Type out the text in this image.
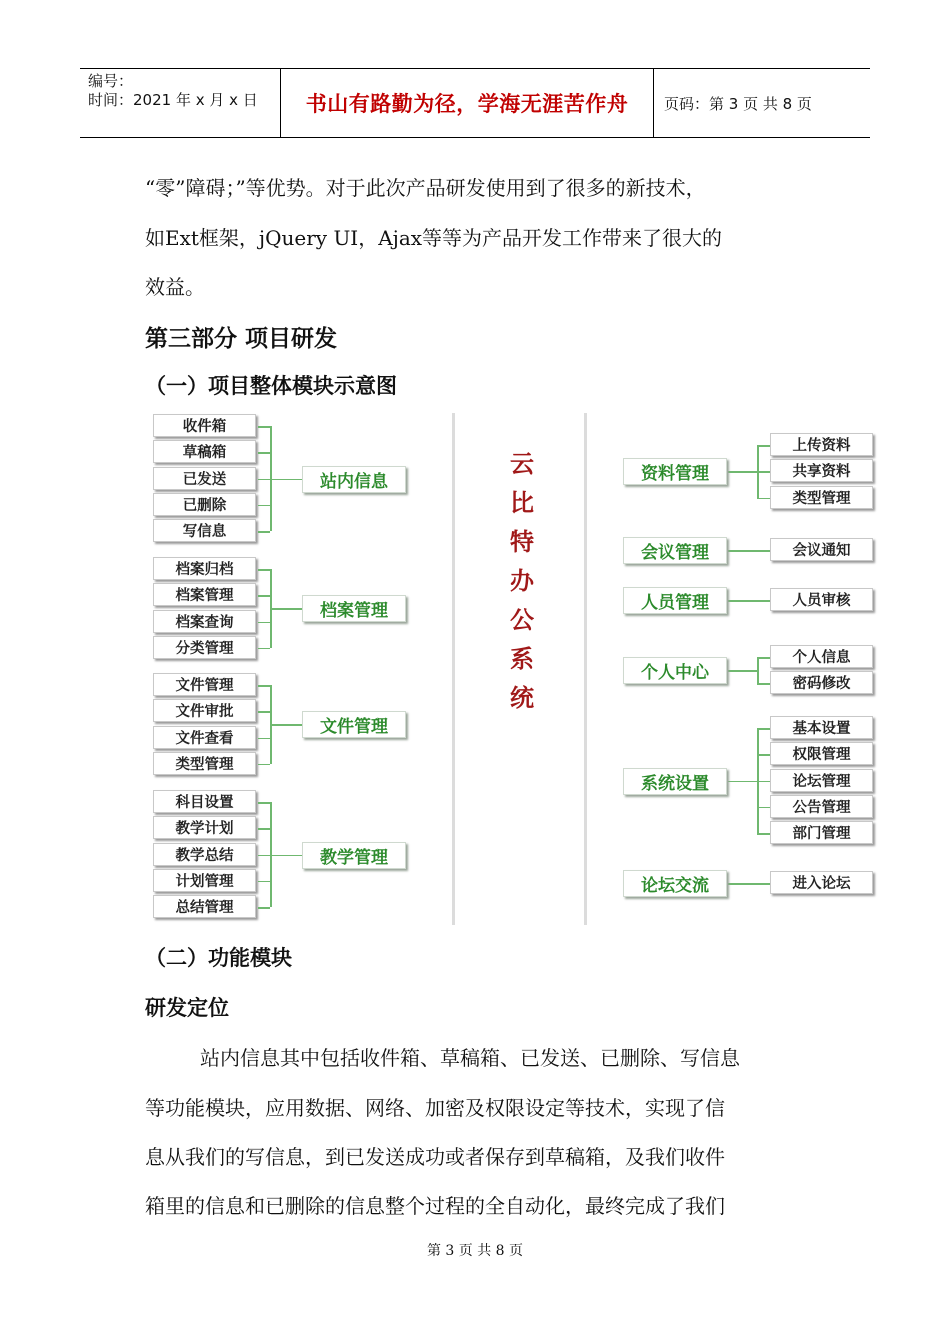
编号：
时间：2021 年 x 月 x 日 书山有路勤为径，学海无涯苦作舟	页码：第 3 页 共 8 页
“零”障碍；”等优势。对于此次产品研发使用到了很多的新技术，
如Ext框架，jQuery UI，Ajax等等为产品开发工作带来了很大的
效益。
第三部分 项目研发
（一）项目整体模块示意图
云
比
特
办
公
系
统
收件箱
草稿箱
已发送
已删除
写信息
站内信息
档案归档
档案管理
档案查询
分类管理
档案管理
文件管理
文件审批
文件查看
类型管理
文件管理
科目设置
教学计划
教学总结
计划管理
总结管理
教学管理
上传资料
共享资料
类型管理
资料管理
会议通知
会议管理
人员审核
人员管理
个人信息
密码修改
个人中心
基本设置
权限管理
论坛管理
公告管理
部门管理
系统设置
进入论坛
论坛交流
（二）功能模块
研发定位
站内信息其中包括收件箱、草稿箱、已发送、已删除、写信息
等功能模块，应用数据、网络、加密及权限设定等技术，实现了信
息从我们的写信息，到已发送成功或者保存到草稿箱，及我们收件
箱里的信息和已删除的信息整个过程的全自动化，最终完成了我们
第 3 页 共 8 页
